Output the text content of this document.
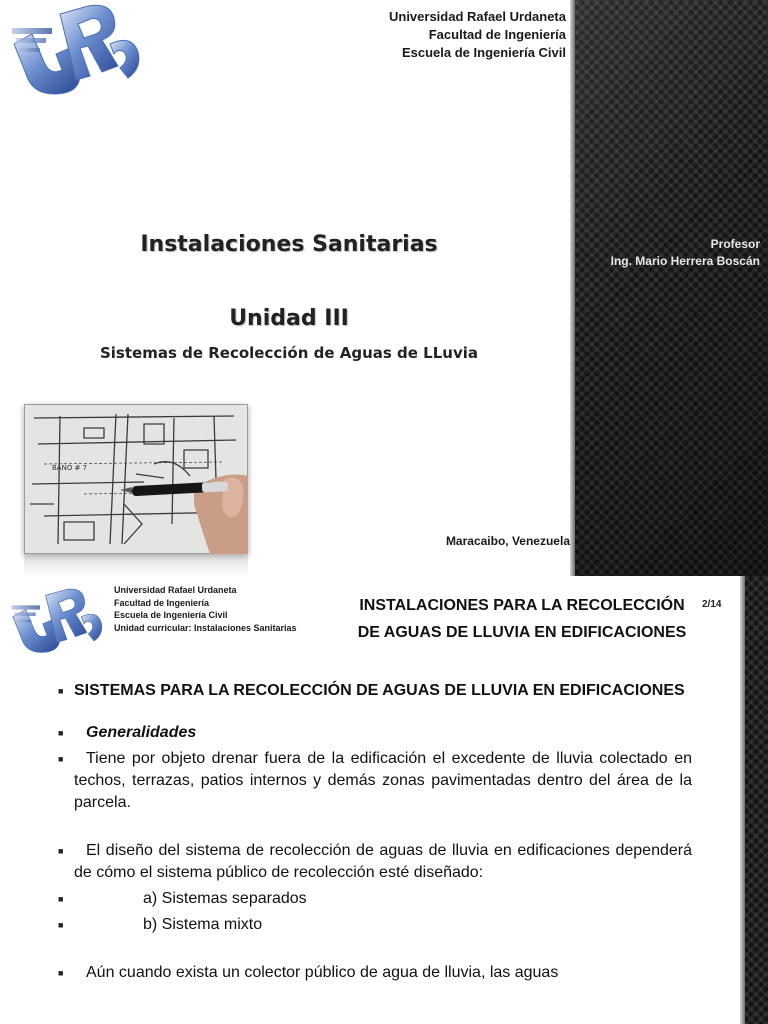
Universidad Rafael Urdaneta
Facultad de Ingeniería
Escuela de Ingeniería Civil
Instalaciones Sanitarias
Unidad III
Sistemas de Recolección de Aguas de LLuvia
BAÑO # 7
Profesor
Ing. Mario Herrera Boscán
Maracaibo, Venezuela
Universidad Rafael Urdaneta
Facultad de Ingeniería
Escuela de Ingeniería Civil
Unidad curricular: Instalaciones Sanitarias
INSTALACIONES PARA LA RECOLECCIÓN
DE AGUAS DE LLUVIA EN EDIFICACIONES
2/14

■ SISTEMAS PARA LA RECOLECCIÓN DE AGUAS DE LLUVIA EN EDIFICACIONES

■ Generalidades

■ Tiene por objeto drenar fuera de la edificación el excedente de lluvia colectado en techos, terrazas, patios internos y demás zonas pavimentadas dentro del área de la parcela.

■ El diseño del sistema de recolección de aguas de lluvia en edificaciones dependerá de cómo el sistema público de recolección esté diseñado:

■	a) Sistemas separados

■	b) Sistema mixto

■ Aún cuando exista un colector público de agua de lluvia, las aguas
